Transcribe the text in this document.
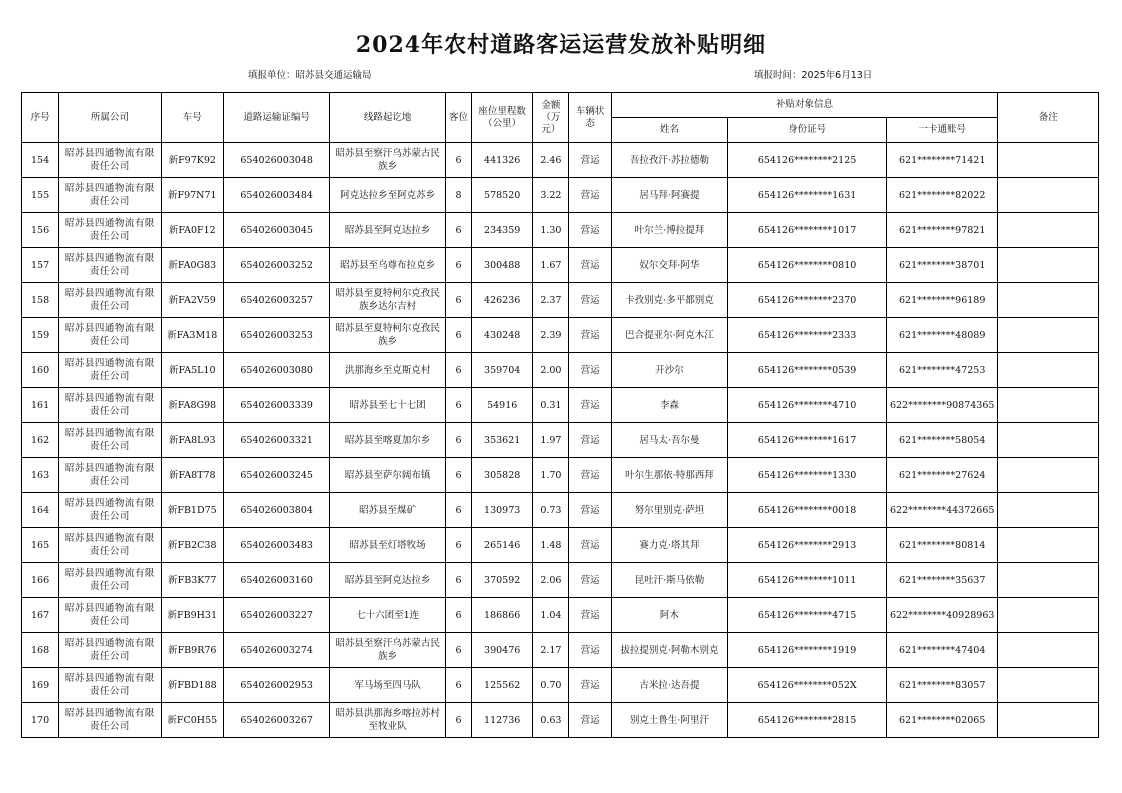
2024年农村道路客运运营发放补贴明细
填报单位：昭苏县交通运输局	填报时间：2025年6月13日
序号	所属公司	车号	道路运输证编号	线路起讫地	客位	座位里程数（公里）	金额（万元）	车辆状态	补贴对象信息			备注
									姓名	身份证号	一卡通账号	
154	昭苏县四通物流有限责任公司	新F97K92	654026003048	昭苏县至察汗乌苏蒙古民族乡	6	441326	2.46	营运	吾拉孜汗·苏拉德勒	654126********2125	621********71421	
155	昭苏县四通物流有限责任公司	新F97N71	654026003484	阿克达拉乡至阿克苏乡	8	578520	3.22	营运	居马拜·阿赛提	654126********1631	621********82022	
156	昭苏县四通物流有限责任公司	新FA0F12	654026003045	昭苏县至阿克达拉乡	6	234359	1.30	营运	叶尔兰·博拉提拜	654126********1017	621********97821	
157	昭苏县四通物流有限责任公司	新FA0G83	654026003252	昭苏县至乌尊布拉克乡	6	300488	1.67	营运	奴尔交拜·阿华	654126********0810	621********38701	
158	昭苏县四通物流有限责任公司	新FA2V59	654026003257	昭苏县至夏特柯尔克孜民族乡达尔吉村	6	426236	2.37	营运	卡孜别克·多平都别克	654126********2370	621********96189	
159	昭苏县四通物流有限责任公司	新FA3M18	654026003253	昭苏县至夏特柯尔克孜民族乡	6	430248	2.39	营运	巴合提亚尔·阿克木江	654126********2333	621********48089	
160	昭苏县四通物流有限责任公司	新FA5L10	654026003080	洪那海乡至克斯克村	6	359704	2.00	营运	开沙尔	654126********0539	621********47253	
161	昭苏县四通物流有限责任公司	新FA8G98	654026003339	昭苏县至七十七团	6	54916	0.31	营运	李森	654126********4710	622********90874365	
162	昭苏县四通物流有限责任公司	新FA8L93	654026003321	昭苏县至喀夏加尔乡	6	353621	1.97	营运	居马太·吾尔曼	654126********1617	621********58054	
163	昭苏县四通物流有限责任公司	新FA8T78	654026003245	昭苏县至萨尔阔布镇	6	305828	1.70	营运	叶尔生那依·特那西拜	654126********1330	621********27624	
164	昭苏县四通物流有限责任公司	新FB1D75	654026003804	昭苏县至煤矿	6	130973	0.73	营运	努尔里别克·萨坦	654126********0018	622********44372665	
165	昭苏县四通物流有限责任公司	新FB2C38	654026003483	昭苏县至灯塔牧场	6	265146	1.48	营运	赛力克·塔其拜	654126********2913	621********80814	
166	昭苏县四通物流有限责任公司	新FB3K77	654026003160	昭苏县至阿克达拉乡	6	370592	2.06	营运	昆吐汗·斯马依勒	654126********1011	621********35637	
167	昭苏县四通物流有限责任公司	新FB9H31	654026003227	七十六团至1连	6	186866	1.04	营运	阿木	654126********4715	622********40928963	
168	昭苏县四通物流有限责任公司	新FB9R76	654026003274	昭苏县至察汗乌苏蒙古民族乡	6	390476	2.17	营运	拔拉提别克·阿勒木别克	654126********1919	621********47404	
169	昭苏县四通物流有限责任公司	新FBD188	654026002953	军马场至四马队	6	125562	0.70	营运	古米拉·达吾提	654126********052X	621********83057	
170	昭苏县四通物流有限责任公司	新FC0H55	654026003267	昭苏县洪那海乡喀拉苏村至牧业队	6	112736	0.63	营运	别克土鲁生·阿里汗	654126********2815	621********02065	
